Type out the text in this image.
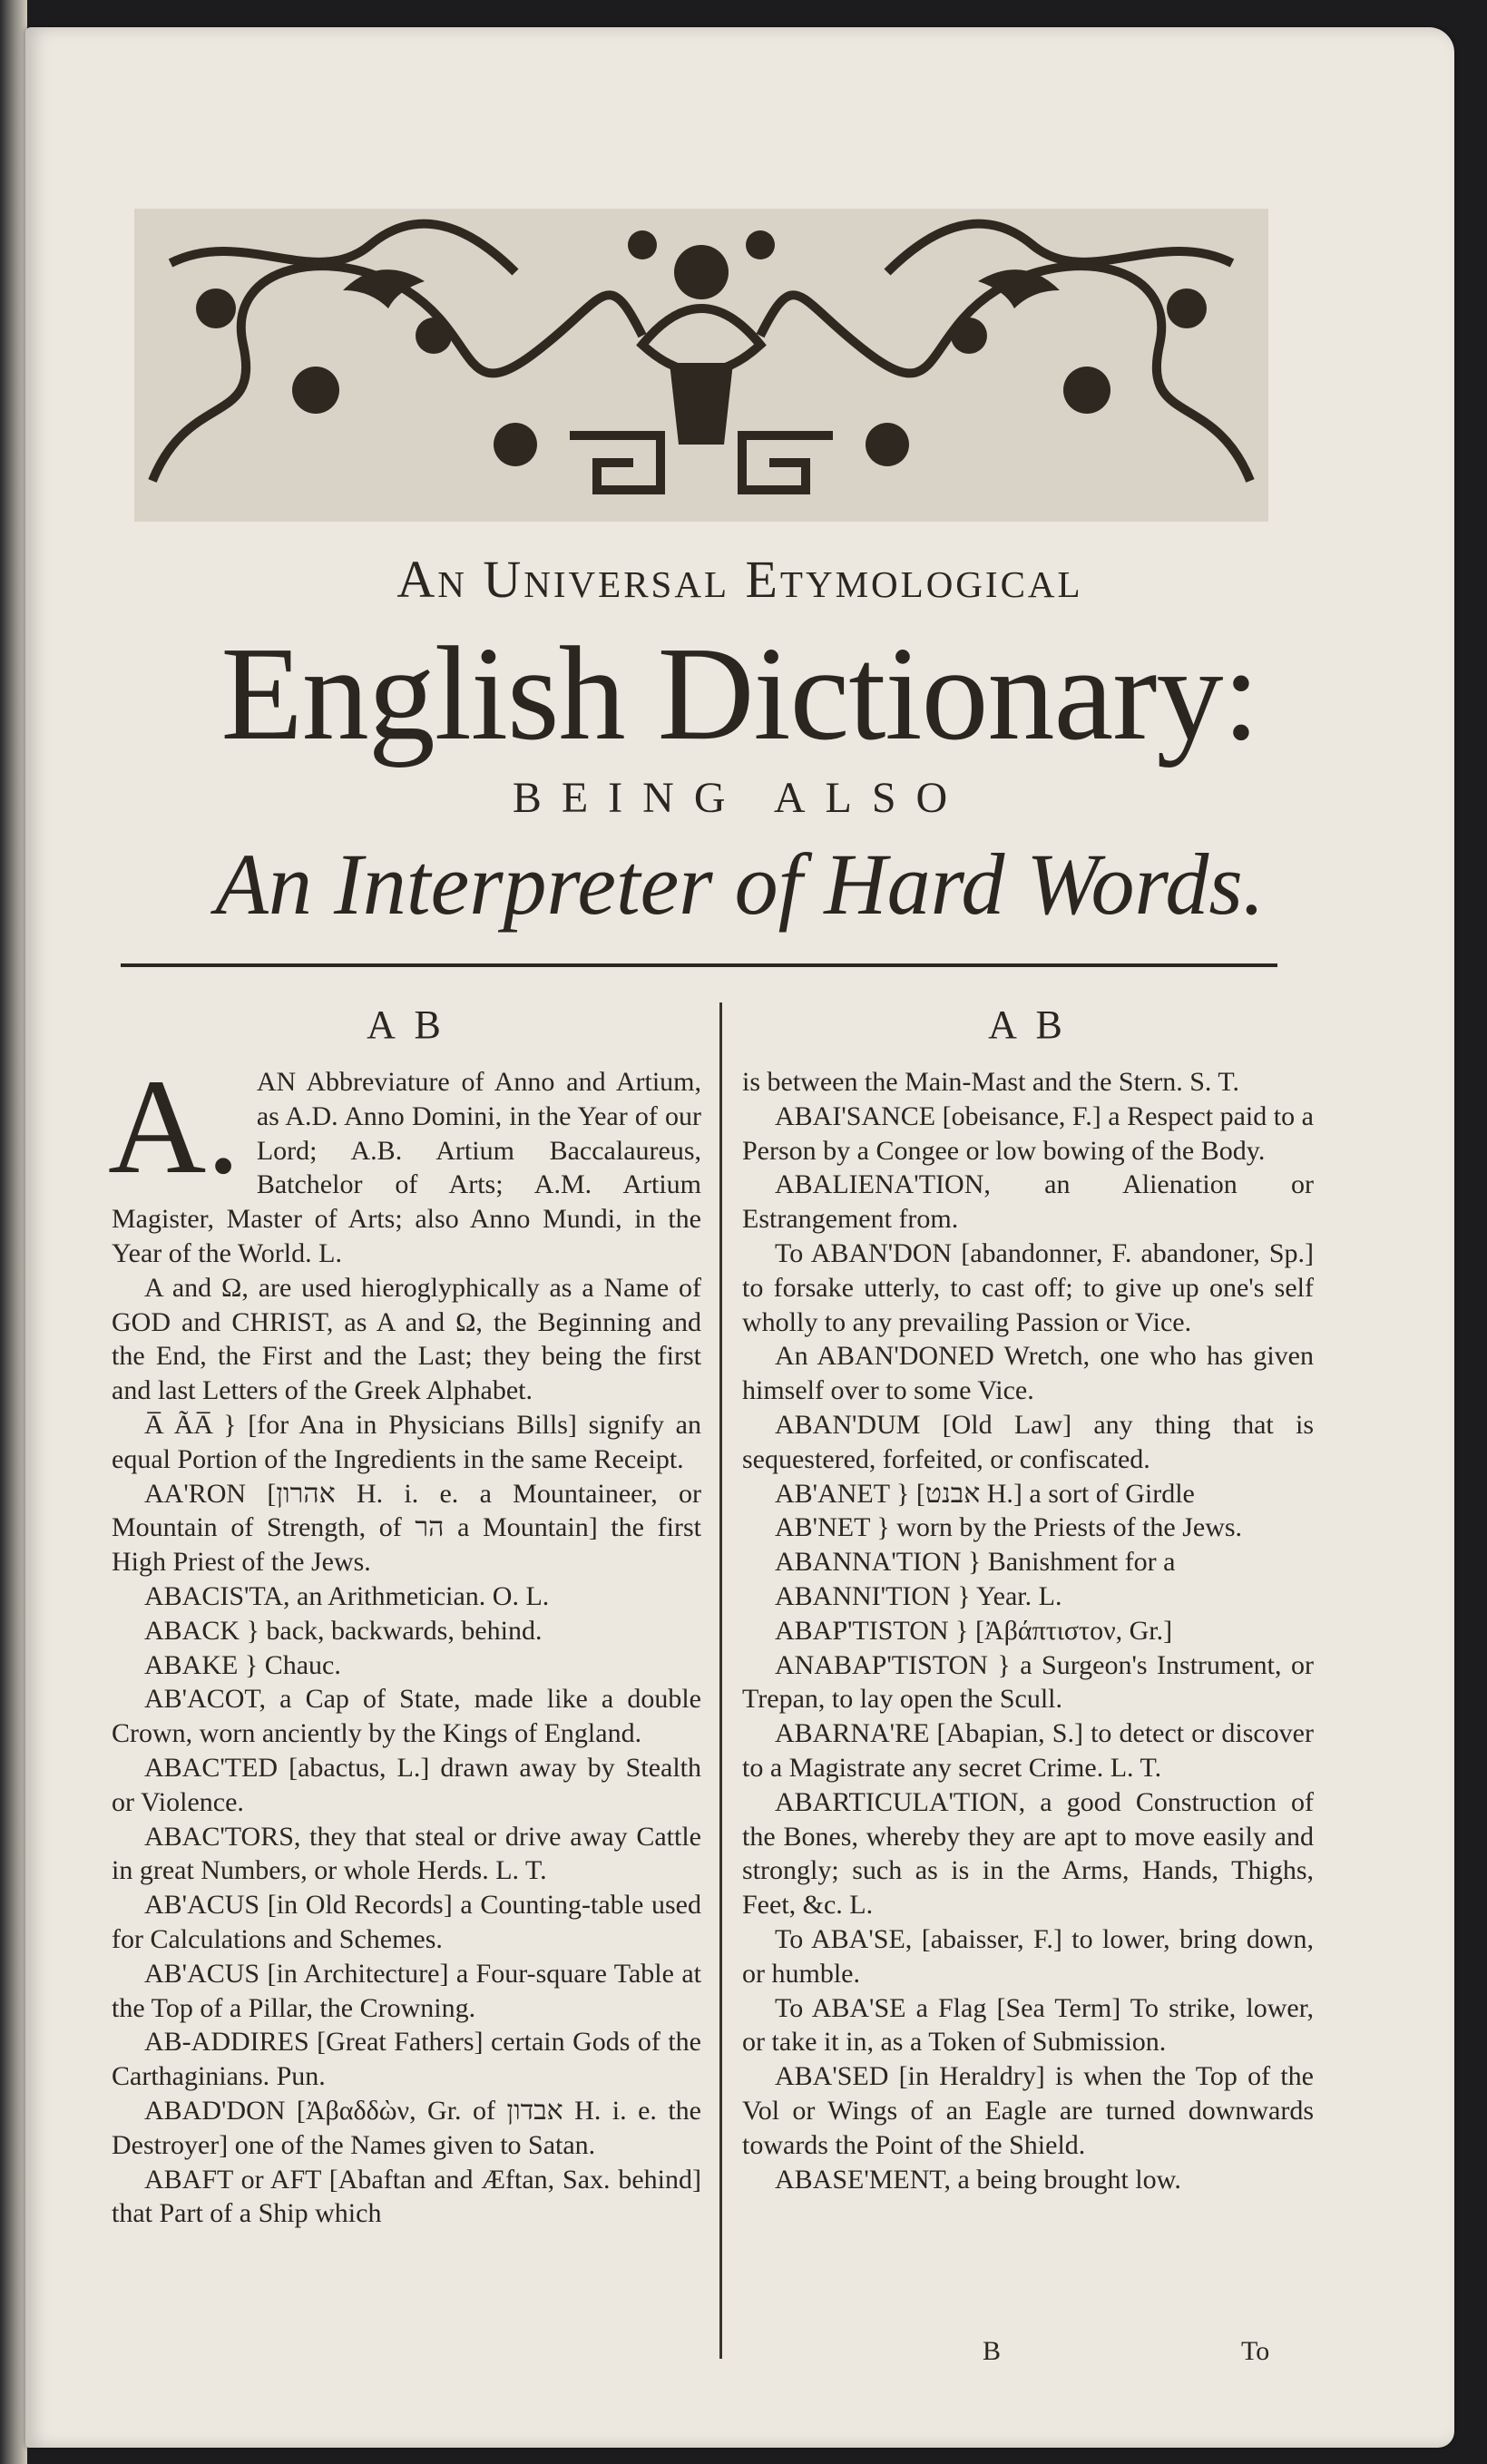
An Universal Etymological
English Dictionary:
BEING ALSO
An Interpreter of Hard Words.
A B
A. AN Abbreviature of Anno and Artium, as A.D. Anno Domini, in the Year of our Lord; A.B. Artium Baccalaureus, Batchelor of Arts; A.M. Artium Magister, Master of Arts; also Anno Mundi, in the Year of the World. L.

A and Ω, are used hieroglyphically as a Name of GOD and CHRIST, as A and Ω, the Beginning and the End, the First and the Last; they being the first and last Letters of the Greek Alphabet.

A̅ ÃA̅ } [for Ana in Physicians Bills] signify an equal Portion of the Ingredients in the same Receipt.

AA'RON [אהרון H. i. e. a Mountaineer, or Mountain of Strength, of הר a Mountain] the first High Priest of the Jews.

ABACIS'TA, an Arithmetician. O. L.

ABACK } back, backwards, behind.

ABAKE } Chauc.

AB'ACOT, a Cap of State, made like a double Crown, worn anciently by the Kings of England.

ABAC'TED [abactus, L.] drawn away by Stealth or Violence.

ABAC'TORS, they that steal or drive away Cattle in great Numbers, or whole Herds. L. T.

AB'ACUS [in Old Records] a Counting-table used for Calculations and Schemes.

AB'ACUS [in Architecture] a Four-square Table at the Top of a Pillar, the Crowning.

AB-ADDIRES [Great Fathers] certain Gods of the Carthaginians. Pun.

ABAD'DON [Ἀβαδδὼν, Gr. of אבדון H. i. e. the Destroyer] one of the Names given to Satan.

ABAFT or AFT [Abaftan and Æftan, Sax. behind] that Part of a Ship which

A B

is between the Main-Mast and the Stern. S. T.

ABAI'SANCE [obeisance, F.] a Respect paid to a Person by a Congee or low bowing of the Body.

ABALIENA'TION, an Alienation or Estrangement from.

To ABAN'DON [abandonner, F. abandoner, Sp.] to forsake utterly, to cast off; to give up one's self wholly to any prevailing Passion or Vice.

An ABAN'DONED Wretch, one who has given himself over to some Vice.

ABAN'DUM [Old Law] any thing that is sequestered, forfeited, or confiscated.

AB'ANET } [אבנט H.] a sort of Girdle

AB'NET } worn by the Priests of the Jews.

ABANNA'TION } Banishment for a

ABANNI'TION } Year. L.

ABAP'TISTON } [Ἀβάπτιστον, Gr.]

ANABAP'TISTON } a Surgeon's Instrument, or Trepan, to lay open the Scull.

ABARNA'RE [Abapian, S.] to detect or discover to a Magistrate any secret Crime. L. T.

ABARTICULA'TION, a good Construction of the Bones, whereby they are apt to move easily and strongly; such as is in the Arms, Hands, Thighs, Feet, &c. L.

To ABA'SE, [abaisser, F.] to lower, bring down, or humble.

To ABA'SE a Flag [Sea Term] To strike, lower, or take it in, as a Token of Submission.

ABA'SED [in Heraldry] is when the Top of the Vol or Wings of an Eagle are turned downwards towards the Point of the Shield.

ABASE'MENT, a being brought low.

B	To
